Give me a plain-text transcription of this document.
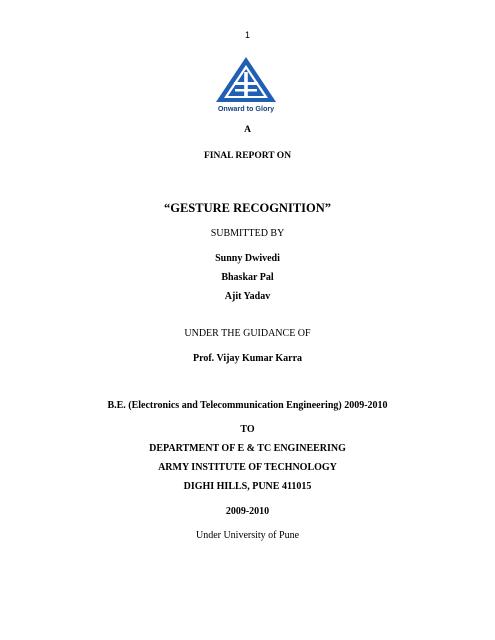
1
Onward to Glory
A
FINAL REPORT ON
“GESTURE RECOGNITION”
SUBMITTED BY
Sunny Dwivedi
Bhaskar Pal
Ajit Yadav
UNDER THE GUIDANCE OF
Prof. Vijay Kumar Karra
B.E. (Electronics and Telecommunication Engineering) 2009-2010
TO
DEPARTMENT OF E & TC ENGINEERING
ARMY INSTITUTE OF TECHNOLOGY
DIGHI HILLS, PUNE 411015
2009-2010
Under University of Pune
